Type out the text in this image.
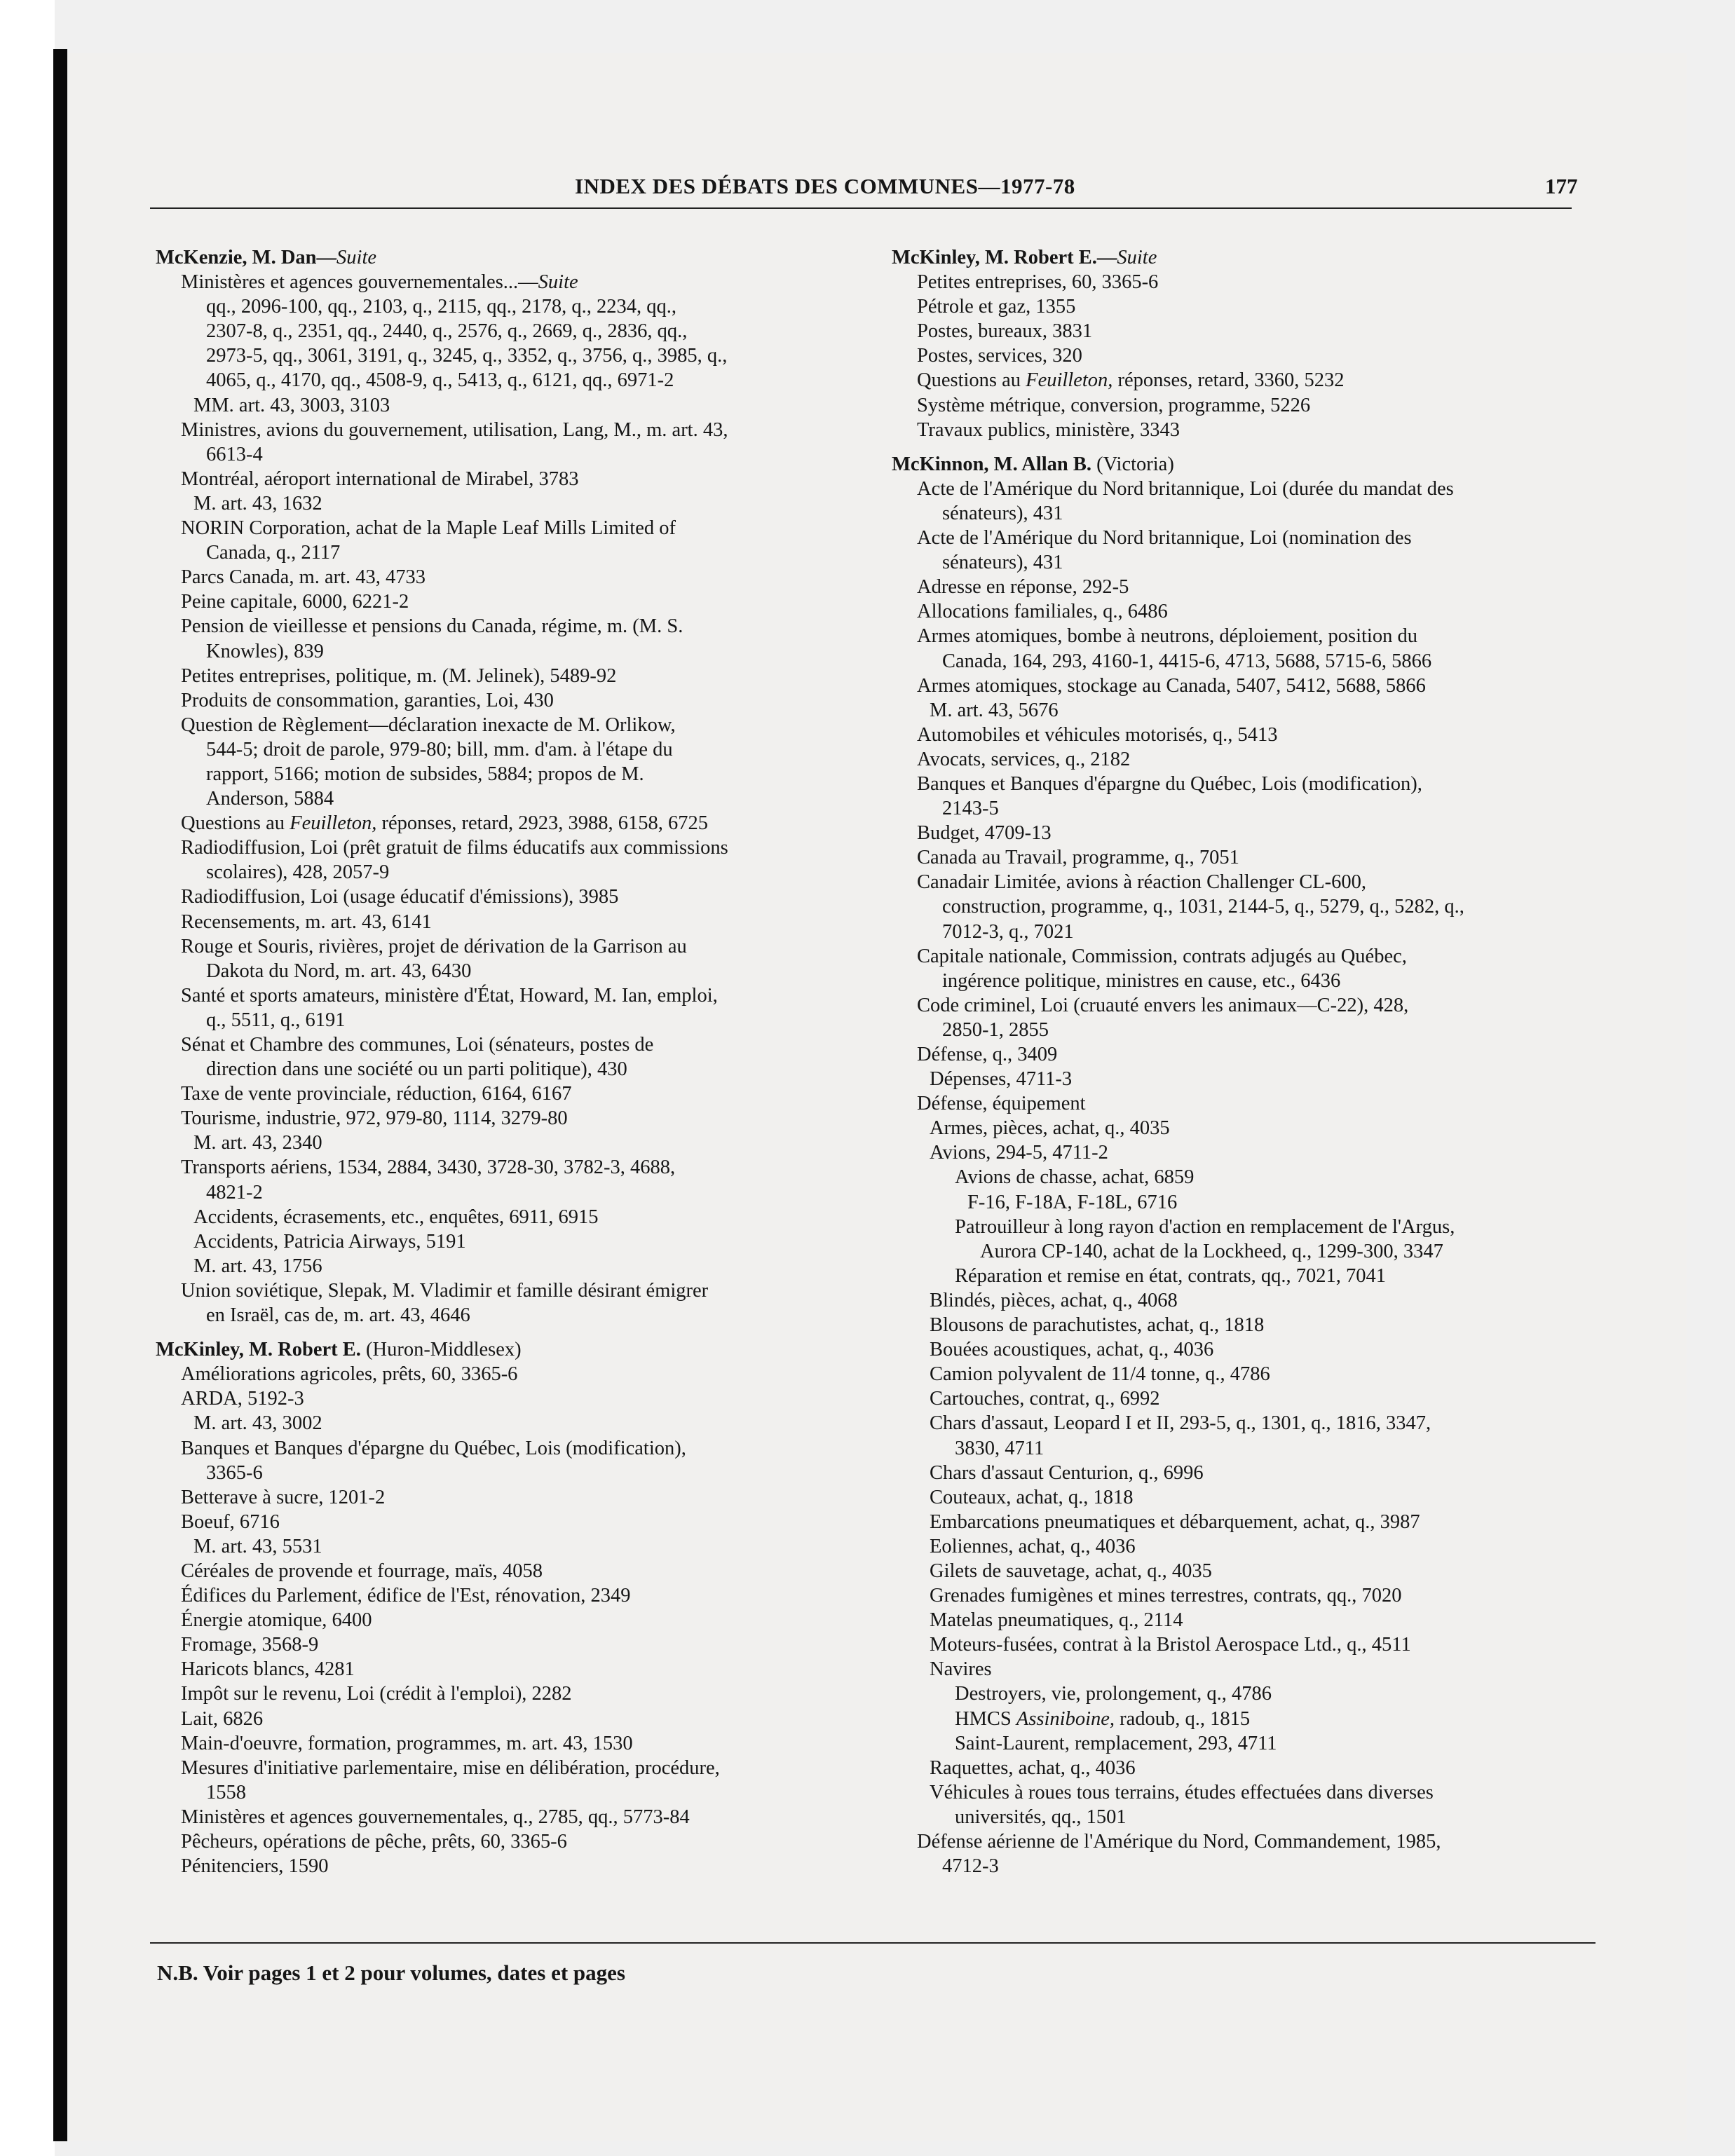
INDEX DES DÉBATS DES COMMUNES—1977-78	177
McKenzie, M. Dan—Suite
Ministères et agences gouvernementales...—Suite
qq., 2096-100, qq., 2103, q., 2115, qq., 2178, q., 2234, qq.,
2307-8, q., 2351, qq., 2440, q., 2576, q., 2669, q., 2836, qq.,
2973-5, qq., 3061, 3191, q., 3245, q., 3352, q., 3756, q., 3985, q.,
4065, q., 4170, qq., 4508-9, q., 5413, q., 6121, qq., 6971-2
MM. art. 43, 3003, 3103
Ministres, avions du gouvernement, utilisation, Lang, M., m. art. 43,
6613-4
Montréal, aéroport international de Mirabel, 3783
M. art. 43, 1632
NORIN Corporation, achat de la Maple Leaf Mills Limited of
Canada, q., 2117
Parcs Canada, m. art. 43, 4733
Peine capitale, 6000, 6221-2
Pension de vieillesse et pensions du Canada, régime, m. (M. S.
Knowles), 839
Petites entreprises, politique, m. (M. Jelinek), 5489-92
Produits de consommation, garanties, Loi, 430
Question de Règlement—déclaration inexacte de M. Orlikow,
544-5; droit de parole, 979-80; bill, mm. d'am. à l'étape du
rapport, 5166; motion de subsides, 5884; propos de M.
Anderson, 5884
Questions au Feuilleton, réponses, retard, 2923, 3988, 6158, 6725
Radiodiffusion, Loi (prêt gratuit de films éducatifs aux commissions
scolaires), 428, 2057-9
Radiodiffusion, Loi (usage éducatif d'émissions), 3985
Recensements, m. art. 43, 6141
Rouge et Souris, rivières, projet de dérivation de la Garrison au
Dakota du Nord, m. art. 43, 6430
Santé et sports amateurs, ministère d'État, Howard, M. Ian, emploi,
q., 5511, q., 6191
Sénat et Chambre des communes, Loi (sénateurs, postes de
direction dans une société ou un parti politique), 430
Taxe de vente provinciale, réduction, 6164, 6167
Tourisme, industrie, 972, 979-80, 1114, 3279-80
M. art. 43, 2340
Transports aériens, 1534, 2884, 3430, 3728-30, 3782-3, 4688,
4821-2
Accidents, écrasements, etc., enquêtes, 6911, 6915
Accidents, Patricia Airways, 5191
M. art. 43, 1756
Union soviétique, Slepak, M. Vladimir et famille désirant émigrer
en Israël, cas de, m. art. 43, 4646
McKinley, M. Robert E. (Huron-Middlesex)
Améliorations agricoles, prêts, 60, 3365-6
ARDA, 5192-3
M. art. 43, 3002
Banques et Banques d'épargne du Québec, Lois (modification),
3365-6
Betterave à sucre, 1201-2
Boeuf, 6716
M. art. 43, 5531
Céréales de provende et fourrage, maïs, 4058
Édifices du Parlement, édifice de l'Est, rénovation, 2349
Énergie atomique, 6400
Fromage, 3568-9
Haricots blancs, 4281
Impôt sur le revenu, Loi (crédit à l'emploi), 2282
Lait, 6826
Main-d'oeuvre, formation, programmes, m. art. 43, 1530
Mesures d'initiative parlementaire, mise en délibération, procédure,
1558
Ministères et agences gouvernementales, q., 2785, qq., 5773-84
Pêcheurs, opérations de pêche, prêts, 60, 3365-6
Pénitenciers, 1590
McKinley, M. Robert E.—Suite
Petites entreprises, 60, 3365-6
Pétrole et gaz, 1355
Postes, bureaux, 3831
Postes, services, 320
Questions au Feuilleton, réponses, retard, 3360, 5232
Système métrique, conversion, programme, 5226
Travaux publics, ministère, 3343
McKinnon, M. Allan B. (Victoria)
Acte de l'Amérique du Nord britannique, Loi (durée du mandat des
sénateurs), 431
Acte de l'Amérique du Nord britannique, Loi (nomination des
sénateurs), 431
Adresse en réponse, 292-5
Allocations familiales, q., 6486
Armes atomiques, bombe à neutrons, déploiement, position du
Canada, 164, 293, 4160-1, 4415-6, 4713, 5688, 5715-6, 5866
Armes atomiques, stockage au Canada, 5407, 5412, 5688, 5866
M. art. 43, 5676
Automobiles et véhicules motorisés, q., 5413
Avocats, services, q., 2182
Banques et Banques d'épargne du Québec, Lois (modification),
2143-5
Budget, 4709-13
Canada au Travail, programme, q., 7051
Canadair Limitée, avions à réaction Challenger CL-600,
construction, programme, q., 1031, 2144-5, q., 5279, q., 5282, q.,
7012-3, q., 7021
Capitale nationale, Commission, contrats adjugés au Québec,
ingérence politique, ministres en cause, etc., 6436
Code criminel, Loi (cruauté envers les animaux—C-22), 428,
2850-1, 2855
Défense, q., 3409
Dépenses, 4711-3
Défense, équipement
Armes, pièces, achat, q., 4035
Avions, 294-5, 4711-2
Avions de chasse, achat, 6859
F-16, F-18A, F-18L, 6716
Patrouilleur à long rayon d'action en remplacement de l'Argus,
Aurora CP-140, achat de la Lockheed, q., 1299-300, 3347
Réparation et remise en état, contrats, qq., 7021, 7041
Blindés, pièces, achat, q., 4068
Blousons de parachutistes, achat, q., 1818
Bouées acoustiques, achat, q., 4036
Camion polyvalent de 11/4 tonne, q., 4786
Cartouches, contrat, q., 6992
Chars d'assaut, Leopard I et II, 293-5, q., 1301, q., 1816, 3347,
3830, 4711
Chars d'assaut Centurion, q., 6996
Couteaux, achat, q., 1818
Embarcations pneumatiques et débarquement, achat, q., 3987
Eoliennes, achat, q., 4036
Gilets de sauvetage, achat, q., 4035
Grenades fumigènes et mines terrestres, contrats, qq., 7020
Matelas pneumatiques, q., 2114
Moteurs-fusées, contrat à la Bristol Aerospace Ltd., q., 4511
Navires
Destroyers, vie, prolongement, q., 4786
HMCS Assiniboine, radoub, q., 1815
Saint-Laurent, remplacement, 293, 4711
Raquettes, achat, q., 4036
Véhicules à roues tous terrains, études effectuées dans diverses
universités, qq., 1501
Défense aérienne de l'Amérique du Nord, Commandement, 1985,
4712-3
N.B. Voir pages 1 et 2 pour volumes, dates et pages
